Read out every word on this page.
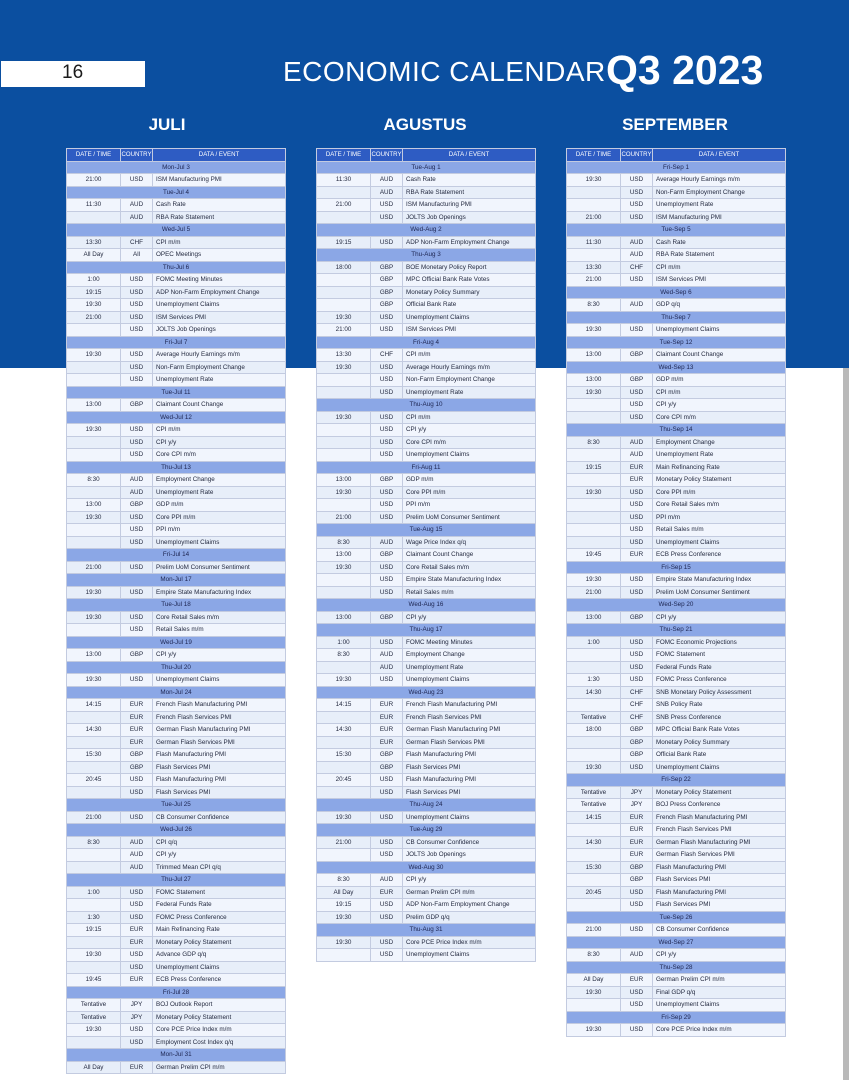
16	ECONOMIC CALENDAR Q3 2023
JULI	AGUSTUS	SEPTEMBER
DATE / TIME	COUNTRY	DATA / EVENT
Mon-Jul 3		
21:00	USD	ISM Manufacturing PMI
Tue-Jul 4		
11:30	AUD	Cash Rate
	AUD	RBA Rate Statement
Wed-Jul 5		
13:30	CHF	CPI m/m
All Day	All	OPEC Meetings
Thu-Jul 6		
1:00	USD	FOMC Meeting Minutes
19:15	USD	ADP Non-Farm Employment Change
19:30	USD	Unemployment Claims
21:00	USD	ISM Services PMI
	USD	JOLTS Job Openings
Fri-Jul 7		
19:30	USD	Average Hourly Earnings m/m
	USD	Non-Farm Employment Change
	USD	Unemployment Rate
Tue-Jul 11		
13:00	GBP	Claimant Count Change
Wed-Jul 12		
19:30	USD	CPI m/m
	USD	CPI y/y
	USD	Core CPI m/m
Thu-Jul 13		
8:30	AUD	Employment Change
	AUD	Unemployment Rate
13:00	GBP	GDP m/m
19:30	USD	Core PPI m/m
	USD	PPI m/m
	USD	Unemployment Claims
Fri-Jul 14		
21:00	USD	Prelim UoM Consumer Sentiment
Mon-Jul 17		
19:30	USD	Empire State Manufacturing Index
Tue-Jul 18		
19:30	USD	Core Retail Sales m/m
	USD	Retail Sales m/m
Wed-Jul 19		
13:00	GBP	CPI y/y
Thu-Jul 20		
19:30	USD	Unemployment Claims
Mon-Jul 24		
14:15	EUR	French Flash Manufacturing PMI
	EUR	French Flash Services PMI
14:30	EUR	German Flash Manufacturing PMI
	EUR	German Flash Services PMI
15:30	GBP	Flash Manufacturing PMI
	GBP	Flash Services PMI
20:45	USD	Flash Manufacturing PMI
	USD	Flash Services PMI
Tue-Jul 25		
21:00	USD	CB Consumer Confidence
Wed-Jul 26		
8:30	AUD	CPI q/q
	AUD	CPI y/y
	AUD	Trimmed Mean CPI q/q
Thu-Jul 27		
1:00	USD	FOMC Statement
	USD	Federal Funds Rate
1:30	USD	FOMC Press Conference
19:15	EUR	Main Refinancing Rate
	EUR	Monetary Policy Statement
19:30	USD	Advance GDP q/q
	USD	Unemployment Claims
19:45	EUR	ECB Press Conference
Fri-Jul 28		
Tentative	JPY	BOJ Outlook Report
Tentative	JPY	Monetary Policy Statement
19:30	USD	Core PCE Price Index m/m
	USD	Employment Cost Index q/q
Mon-Jul 31		
All Day	EUR	German Prelim CPI m/m
DATE / TIME	COUNTRY	DATA / EVENT
Tue-Aug 1		
11:30	AUD	Cash Rate
	AUD	RBA Rate Statement
21:00	USD	ISM Manufacturing PMI
	USD	JOLTS Job Openings
Wed-Aug 2		
19:15	USD	ADP Non-Farm Employment Change
Thu-Aug 3		
18:00	GBP	BOE Monetary Policy Report
	GBP	MPC Official Bank Rate Votes
	GBP	Monetary Policy Summary
	GBP	Official Bank Rate
19:30	USD	Unemployment Claims
21:00	USD	ISM Services PMI
Fri-Aug 4		
13:30	CHF	CPI m/m
19:30	USD	Average Hourly Earnings m/m
	USD	Non-Farm Employment Change
	USD	Unemployment Rate
Thu-Aug 10		
19:30	USD	CPI m/m
	USD	CPI y/y
	USD	Core CPI m/m
	USD	Unemployment Claims
Fri-Aug 11		
13:00	GBP	GDP m/m
19:30	USD	Core PPI m/m
	USD	PPI m/m
21:00	USD	Prelim UoM Consumer Sentiment
Tue-Aug 15		
8:30	AUD	Wage Price Index q/q
13:00	GBP	Claimant Count Change
19:30	USD	Core Retail Sales m/m
	USD	Empire State Manufacturing Index
	USD	Retail Sales m/m
Wed-Aug 16		
13:00	GBP	CPI y/y
Thu-Aug 17		
1:00	USD	FOMC Meeting Minutes
8:30	AUD	Employment Change
	AUD	Unemployment Rate
19:30	USD	Unemployment Claims
Wed-Aug 23		
14:15	EUR	French Flash Manufacturing PMI
	EUR	French Flash Services PMI
14:30	EUR	German Flash Manufacturing PMI
	EUR	German Flash Services PMI
15:30	GBP	Flash Manufacturing PMI
	GBP	Flash Services PMI
20:45	USD	Flash Manufacturing PMI
	USD	Flash Services PMI
Thu-Aug 24		
19:30	USD	Unemployment Claims
Tue-Aug 29		
21:00	USD	CB Consumer Confidence
	USD	JOLTS Job Openings
Wed-Aug 30		
8:30	AUD	CPI y/y
All Day	EUR	German Prelim CPI m/m
19:15	USD	ADP Non-Farm Employment Change
19:30	USD	Prelim GDP q/q
Thu-Aug 31		
19:30	USD	Core PCE Price Index m/m
	USD	Unemployment Claims
DATE / TIME	COUNTRY	DATA / EVENT
Fri-Sep 1		
19:30	USD	Average Hourly Earnings m/m
	USD	Non-Farm Employment Change
	USD	Unemployment Rate
21:00	USD	ISM Manufacturing PMI
Tue-Sep 5		
11:30	AUD	Cash Rate
	AUD	RBA Rate Statement
13:30	CHF	CPI m/m
21:00	USD	ISM Services PMI
Wed-Sep 6		
8:30	AUD	GDP q/q
Thu-Sep 7		
19:30	USD	Unemployment Claims
Tue-Sep 12		
13:00	GBP	Claimant Count Change
Wed-Sep 13		
13:00	GBP	GDP m/m
19:30	USD	CPI m/m
	USD	CPI y/y
	USD	Core CPI m/m
Thu-Sep 14		
8:30	AUD	Employment Change
	AUD	Unemployment Rate
19:15	EUR	Main Refinancing Rate
	EUR	Monetary Policy Statement
19:30	USD	Core PPI m/m
	USD	Core Retail Sales m/m
	USD	PPI m/m
	USD	Retail Sales m/m
	USD	Unemployment Claims
19:45	EUR	ECB Press Conference
Fri-Sep 15		
19:30	USD	Empire State Manufacturing Index
21:00	USD	Prelim UoM Consumer Sentiment
Wed-Sep 20		
13:00	GBP	CPI y/y
Thu-Sep 21		
1:00	USD	FOMC Economic Projections
	USD	FOMC Statement
	USD	Federal Funds Rate
1:30	USD	FOMC Press Conference
14:30	CHF	SNB Monetary Policy Assessment
	CHF	SNB Policy Rate
Tentative	CHF	SNB Press Conference
18:00	GBP	MPC Official Bank Rate Votes
	GBP	Monetary Policy Summary
	GBP	Official Bank Rate
19:30	USD	Unemployment Claims
Fri-Sep 22		
Tentative	JPY	Monetary Policy Statement
Tentative	JPY	BOJ Press Conference
14:15	EUR	French Flash Manufacturing PMI
	EUR	French Flash Services PMI
14:30	EUR	German Flash Manufacturing PMI
	EUR	German Flash Services PMI
15:30	GBP	Flash Manufacturing PMI
	GBP	Flash Services PMI
20:45	USD	Flash Manufacturing PMI
	USD	Flash Services PMI
Tue-Sep 26		
21:00	USD	CB Consumer Confidence
Wed-Sep 27		
8:30	AUD	CPI y/y
Thu-Sep 28		
All Day	EUR	German Prelim CPI m/m
19:30	USD	Final GDP q/q
	USD	Unemployment Claims
Fri-Sep 29		
19:30	USD	Core PCE Price Index m/m
